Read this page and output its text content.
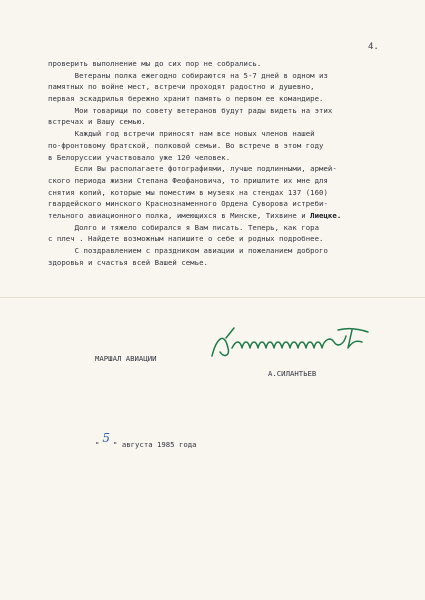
4.
проверить выполнение мы до сих пор не собрались.
Ветераны полка ежегодно собираются на 5-7 дней в одном из
памятных по войне мест, встречи проходят радостно и душевно,
первая эскадрилья бережно хранит память о первом ее командире.
Мои товарищи по совету ветеранов будут рады видеть на этих
встречах и Вашу семью.
Каждый год встречи приносят нам все новых членов нашей
по-фронтовому братской, полковой семьи. Во встрече в этом году
в Белоруссии участвовало уже 120 человек.
Если Вы располагаете фотографиями, лучше подлинными, армей-
ского периода жизни Степана Феофановича, то пришлите их мне для
снятия копий, которые мы поместим в музеях на стендах 137 (160)
гвардейского минского Краснознаменного Ордена Суворова истреби-
тельного авиационного полка, имеющихся в Минске, Тихвине и Лиецке.
Долго и тяжело собирался я Вам писать. Теперь, как гора
с плеч . Найдете возможным напишите о себе и родных подробнее.
С поздравлением с праздником авиации и пожеланием доброго
здоровья и счастья всей Вашей семье.
МАРШАЛ АВИАЦИИ
А.СИЛАНТЬЕВ
" 5 " августа 1985 года
